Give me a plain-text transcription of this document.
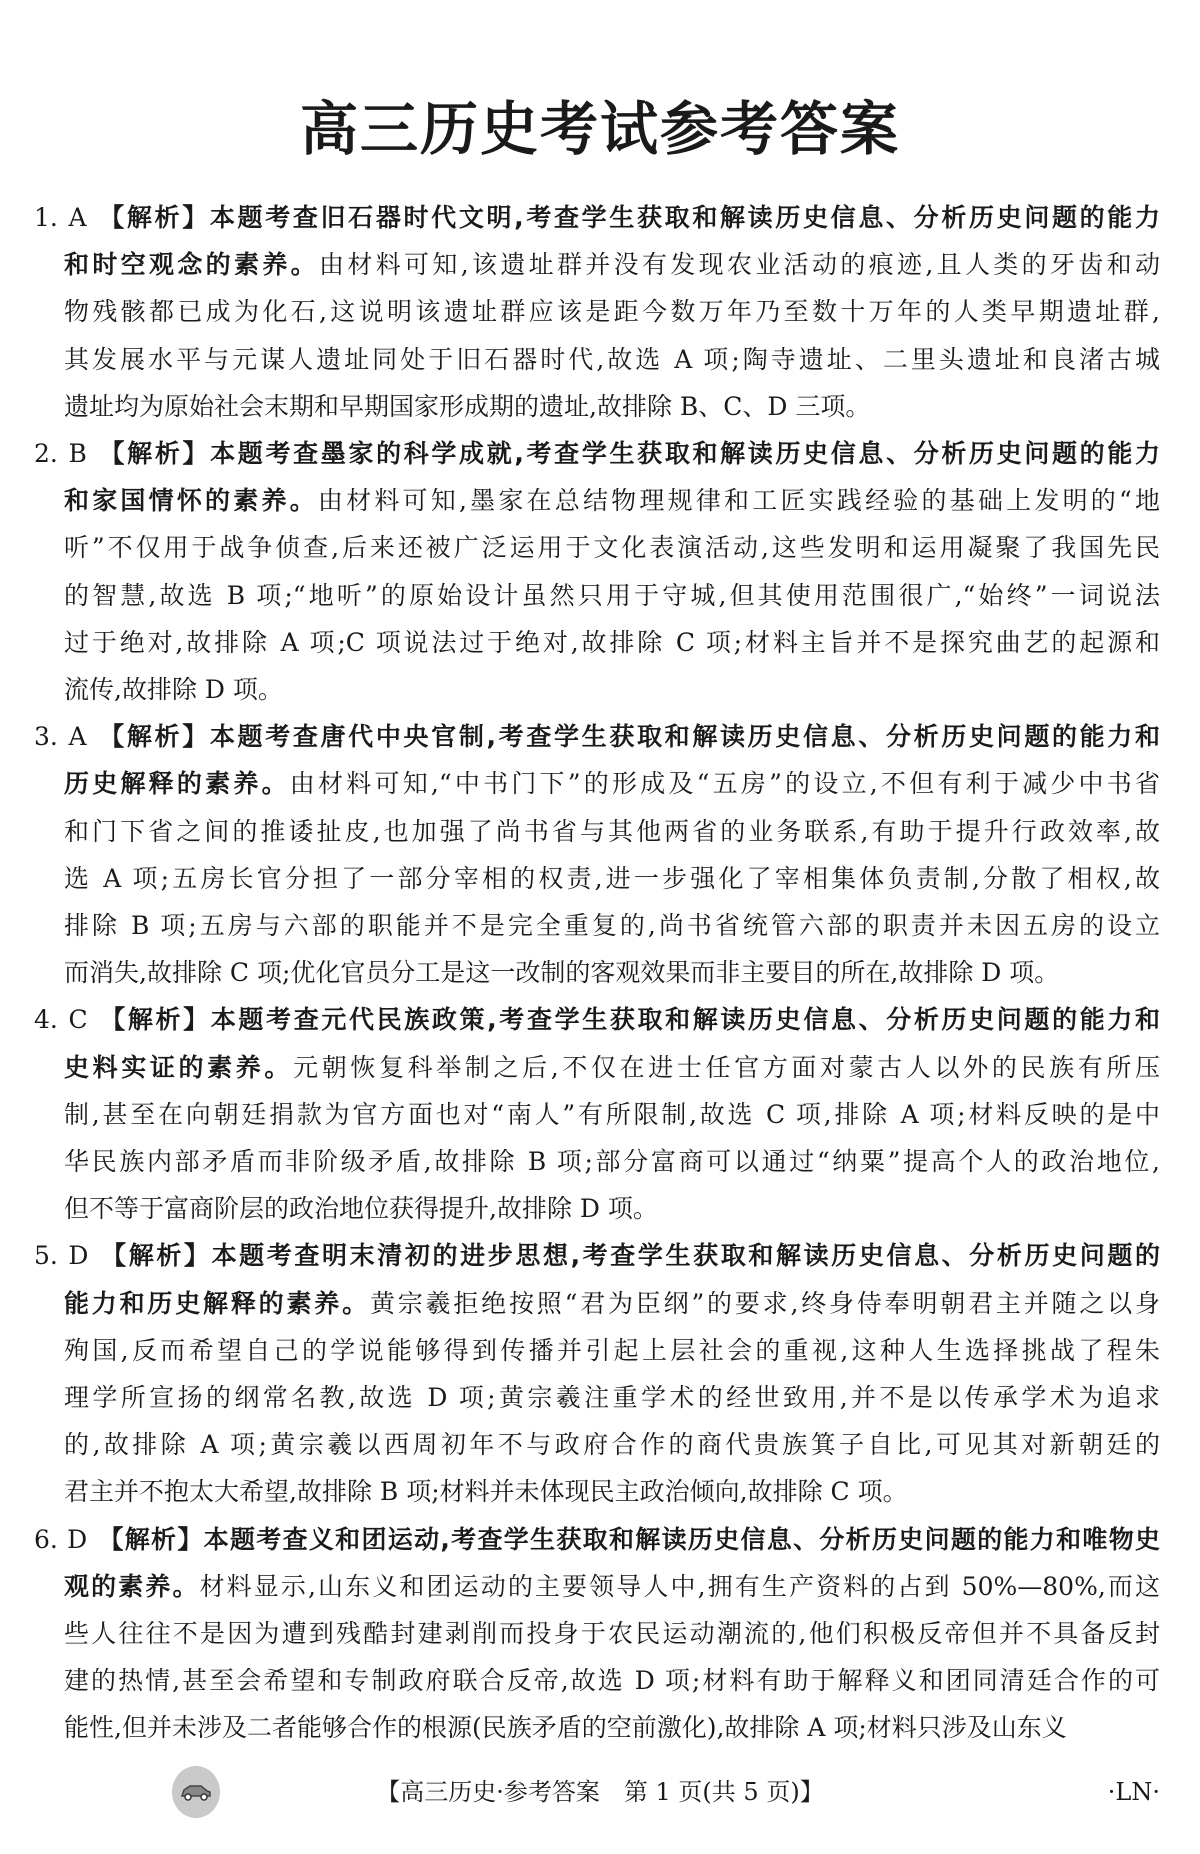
高三历史考试参考答案
1. A 【解析】本题考查旧石器时代文明,考查学生获取和解读历史信息、分析历史问题的能力
和时空观念的素养。由材料可知,该遗址群并没有发现农业活动的痕迹,且人类的牙齿和动
物残骸都已成为化石,这说明该遗址群应该是距今数万年乃至数十万年的人类早期遗址群,
其发展水平与元谋人遗址同处于旧石器时代,故选 A 项;陶寺遗址、二里头遗址和良渚古城
遗址均为原始社会末期和早期国家形成期的遗址,故排除 B、C、D 三项。
2. B 【解析】本题考查墨家的科学成就,考查学生获取和解读历史信息、分析历史问题的能力
和家国情怀的素养。由材料可知,墨家在总结物理规律和工匠实践经验的基础上发明的“地
听”不仅用于战争侦查,后来还被广泛运用于文化表演活动,这些发明和运用凝聚了我国先民
的智慧,故选 B 项;“地听”的原始设计虽然只用于守城,但其使用范围很广,“始终”一词说法
过于绝对,故排除 A 项;C 项说法过于绝对,故排除 C 项;材料主旨并不是探究曲艺的起源和
流传,故排除 D 项。
3. A 【解析】本题考查唐代中央官制,考查学生获取和解读历史信息、分析历史问题的能力和
历史解释的素养。由材料可知,“中书门下”的形成及“五房”的设立,不但有利于减少中书省
和门下省之间的推诿扯皮,也加强了尚书省与其他两省的业务联系,有助于提升行政效率,故
选 A 项;五房长官分担了一部分宰相的权责,进一步强化了宰相集体负责制,分散了相权,故
排除 B 项;五房与六部的职能并不是完全重复的,尚书省统管六部的职责并未因五房的设立
而消失,故排除 C 项;优化官员分工是这一改制的客观效果而非主要目的所在,故排除 D 项。
4. C 【解析】本题考查元代民族政策,考查学生获取和解读历史信息、分析历史问题的能力和
史料实证的素养。元朝恢复科举制之后,不仅在进士任官方面对蒙古人以外的民族有所压
制,甚至在向朝廷捐款为官方面也对“南人”有所限制,故选 C 项,排除 A 项;材料反映的是中
华民族内部矛盾而非阶级矛盾,故排除 B 项;部分富商可以通过“纳粟”提高个人的政治地位,
但不等于富商阶层的政治地位获得提升,故排除 D 项。
5. D 【解析】本题考查明末清初的进步思想,考查学生获取和解读历史信息、分析历史问题的
能力和历史解释的素养。黄宗羲拒绝按照“君为臣纲”的要求,终身侍奉明朝君主并随之以身
殉国,反而希望自己的学说能够得到传播并引起上层社会的重视,这种人生选择挑战了程朱
理学所宣扬的纲常名教,故选 D 项;黄宗羲注重学术的经世致用,并不是以传承学术为追求
的,故排除 A 项;黄宗羲以西周初年不与政府合作的商代贵族箕子自比,可见其对新朝廷的
君主并不抱太大希望,故排除 B 项;材料并未体现民主政治倾向,故排除 C 项。
6. D 【解析】本题考查义和团运动,考查学生获取和解读历史信息、分析历史问题的能力和唯物史
观的素养。材料显示,山东义和团运动的主要领导人中,拥有生产资料的占到 50%—80%,而这
些人往往不是因为遭到残酷封建剥削而投身于农民运动潮流的,他们积极反帝但并不具备反封
建的热情,甚至会希望和专制政府联合反帝,故选 D 项;材料有助于解释义和团同清廷合作的可
能性,但并未涉及二者能够合作的根源(民族矛盾的空前激化),故排除 A 项;材料只涉及山东义
【高三历史·参考答案　第 1 页(共 5 页)】	·LN·
